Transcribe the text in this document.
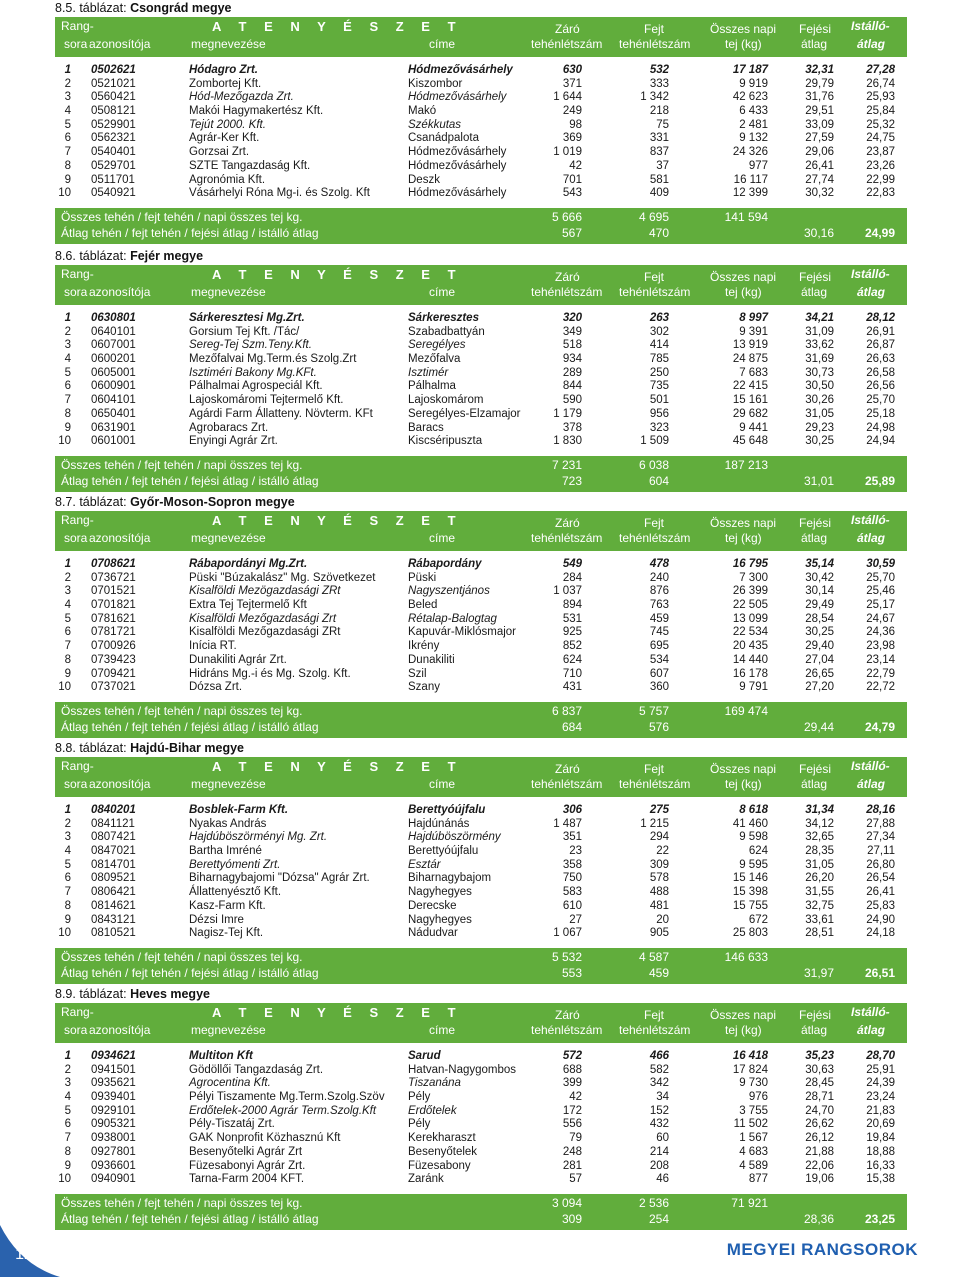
8.5. táblázat: Csongrád megye
Rang-
sora
A T E N Y É S Z E T
azonosítója	megnevezése	címe
Záró
tehénlétszám
Fejt
tehénlétszám
Összes napi
tej (kg)
Fejési
átlag
Istálló-
átlag
1 0502621	Hódagro Zrt.	Hódmezővásárhely	630	532	17 187	32,31	27,28
2 0521021	Zombortej Kft.	Kiszombor	371	333	9 919	29,79	26,74
3 0560421	Hód-Mezőgazda Zrt.	Hódmezővásárhely	1 644	1 342	42 623	31,76	25,93
4 0508121	Makói Hagymakertész Kft.	Makó	249	218	6 433	29,51	25,84
5 0529901	Tejút 2000. Kft.	Székkutas	98	75	2 481	33,09	25,32
6 0562321	Agrár-Ker Kft.	Csanádpalota	369	331	9 132	27,59	24,75
7 0540401	Gorzsai Zrt.	Hódmezővásárhely	1 019	837	24 326	29,06	23,87
8 0529701	SZTE Tangazdaság Kft.	Hódmezővásárhely	42	37	977	26,41	23,26
9 0511701	Agronómia Kft.	Deszk	701	581	16 117	27,74	22,99
10 0540921	Vásárhelyi Róna Mg-i. és Szolg. Kft	Hódmezővásárhely	543	409	12 399	30,32	22,83
Összes tehén / fejt tehén / napi összes tej kg.
Átlag tehén / fejt tehén / fejési átlag / istálló átlag
5 666	4 695	141 594
567	470	30,16	24,99
8.6. táblázat: Fejér megye
Rang-
sora
A T E N Y É S Z E T
azonosítója	megnevezése	címe
Záró
tehénlétszám
Fejt
tehénlétszám
Összes napi
tej (kg)
Fejési
átlag
Istálló-
átlag
1 0630801	Sárkeresztesi Mg.Zrt.	Sárkeresztes	320	263	8 997	34,21	28,12
2 0640101	Gorsium Tej Kft. /Tác/	Szabadbattyán	349	302	9 391	31,09	26,91
3 0607001	Sereg-Tej Szm.Teny.Kft.	Seregélyes	518	414	13 919	33,62	26,87
4 0600201	Mezőfalvai Mg.Term.és Szolg.Zrt	Mezőfalva	934	785	24 875	31,69	26,63
5 0605001	Isztiméri Bakony Mg.KFt.	Isztimér	289	250	7 683	30,73	26,58
6 0600901	Pálhalmai Agrospeciál Kft.	Pálhalma	844	735	22 415	30,50	26,56
7 0604101	Lajoskomáromi Tejtermelő Kft.	Lajoskomárom	590	501	15 161	30,26	25,70
8 0650401	Agárdi Farm Állatteny. Növterm. KFt	Seregélyes-Elzamajor	1 179	956	29 682	31,05	25,18
9 0631901	Agrobaracs Zrt.	Baracs	378	323	9 441	29,23	24,98
10 0601001	Enyingi Agrár Zrt.	Kiscséripuszta	1 830	1 509	45 648	30,25	24,94
Összes tehén / fejt tehén / napi összes tej kg.
Átlag tehén / fejt tehén / fejési átlag / istálló átlag
7 231	6 038	187 213
723	604	31,01	25,89
8.7. táblázat: Győr-Moson-Sopron megye
Rang-
sora
A T E N Y É S Z E T
azonosítója	megnevezése	címe
Záró
tehénlétszám
Fejt
tehénlétszám
Összes napi
tej (kg)
Fejési
átlag
Istálló-
átlag
1 0708621	Rábapordányi Mg.Zrt.	Rábapordány	549	478	16 795	35,14	30,59
2 0736721	Püski "Búzakalász" Mg. Szövetkezet	Püski	284	240	7 300	30,42	25,70
3 0701521	Kisalföldi Mezögazdasági ZRt	Nagyszentjános	1 037	876	26 399	30,14	25,46
4 0701821	Extra Tej Tejtermelő Kft	Beled	894	763	22 505	29,49	25,17
5 0781621	Kisalföldi Mezőgazdasági Zrt	Rétalap-Balogtag	531	459	13 099	28,54	24,67
6 0781721	Kisalföldi Mezőgazdasági ZRt	Kapuvár-Miklósmajor	925	745	22 534	30,25	24,36
7 0700926	Inícia RT.	Ikrény	852	695	20 435	29,40	23,98
8 0739423	Dunakiliti Agrár Zrt.	Dunakiliti	624	534	14 440	27,04	23,14
9 0709421	Hidráns Mg.-i és Mg. Szolg. Kft.	Szil	710	607	16 178	26,65	22,79
10 0737021	Dózsa Zrt.	Szany	431	360	9 791	27,20	22,72
Összes tehén / fejt tehén / napi összes tej kg.
Átlag tehén / fejt tehén / fejési átlag / istálló átlag
6 837	5 757	169 474
684	576	29,44	24,79
8.8. táblázat: Hajdú-Bihar megye
Rang-
sora
A T E N Y É S Z E T
azonosítója	megnevezése	címe
Záró
tehénlétszám
Fejt
tehénlétszám
Összes napi
tej (kg)
Fejési
átlag
Istálló-
átlag
1 0840201	Bosblek-Farm Kft.	Berettyóújfalu	306	275	8 618	31,34	28,16
2 0841121	Nyakas András	Hajdúnánás	1 487	1 215	41 460	34,12	27,88
3 0807421	Hajdúböszörményi Mg. Zrt.	Hajdúböszörmény	351	294	9 598	32,65	27,34
4 0847021	Bartha Imréné	Berettyóújfalu	23	22	624	28,35	27,11
5 0814701	Berettyómenti Zrt.	Esztár	358	309	9 595	31,05	26,80
6 0809521	Biharnagybajomi "Dózsa" Agrár Zrt.	Biharnagybajom	750	578	15 146	26,20	26,54
7 0806421	Állattenyésztő Kft.	Nagyhegyes	583	488	15 398	31,55	26,41
8 0814621	Kasz-Farm Kft.	Derecske	610	481	15 755	32,75	25,83
9 0843121	Dézsi Imre	Nagyhegyes	27	20	672	33,61	24,90
10 0810521	Nagisz-Tej Kft.	Nádudvar	1 067	905	25 803	28,51	24,18
Összes tehén / fejt tehén / napi összes tej kg.
Átlag tehén / fejt tehén / fejési átlag / istálló átlag
5 532	4 587	146 633
553	459	31,97	26,51
8.9. táblázat: Heves megye
Rang-
sora
A T E N Y É S Z E T
azonosítója	megnevezése	címe
Záró
tehénlétszám
Fejt
tehénlétszám
Összes napi
tej (kg)
Fejési
átlag
Istálló-
átlag
1 0934621	Multiton Kft	Sarud	572	466	16 418	35,23	28,70
2 0941501	Gödöllői Tangazdaság Zrt.	Hatvan-Nagygombos	688	582	17 824	30,63	25,91
3 0935621	Agrocentina Kft.	Tiszanána	399	342	9 730	28,45	24,39
4 0939401	Pélyi Tiszamente Mg.Term.Szolg.Szöv	Pély	42	34	976	28,71	23,24
5 0929101	Erdőtelek-2000 Agrár Term.Szolg.Kft	Erdőtelek	172	152	3 755	24,70	21,83
6 0905321	Pély-Tiszatáj Zrt.	Pély	556	432	11 502	26,62	20,69
7 0938001	GAK Nonprofit Közhasznú Kft	Kerekharaszt	79	60	1 567	26,12	19,84
8 0927801	Besenyőtelki Agrár Zrt	Besenyőtelek	248	214	4 683	21,88	18,88
9 0936601	Füzesabonyi Agrár Zrt.	Füzesabony	281	208	4 589	22,06	16,33
10 0940901	Tarna-Farm 2004 KFT.	Zaránk	57	46	877	19,06	15,38
Összes tehén / fejt tehén / napi összes tej kg.
Átlag tehén / fejt tehén / fejési átlag / istálló átlag
3 094	2 536	71 921
309	254	28,36	23,25
12	MEGYEI RANGSOROK
